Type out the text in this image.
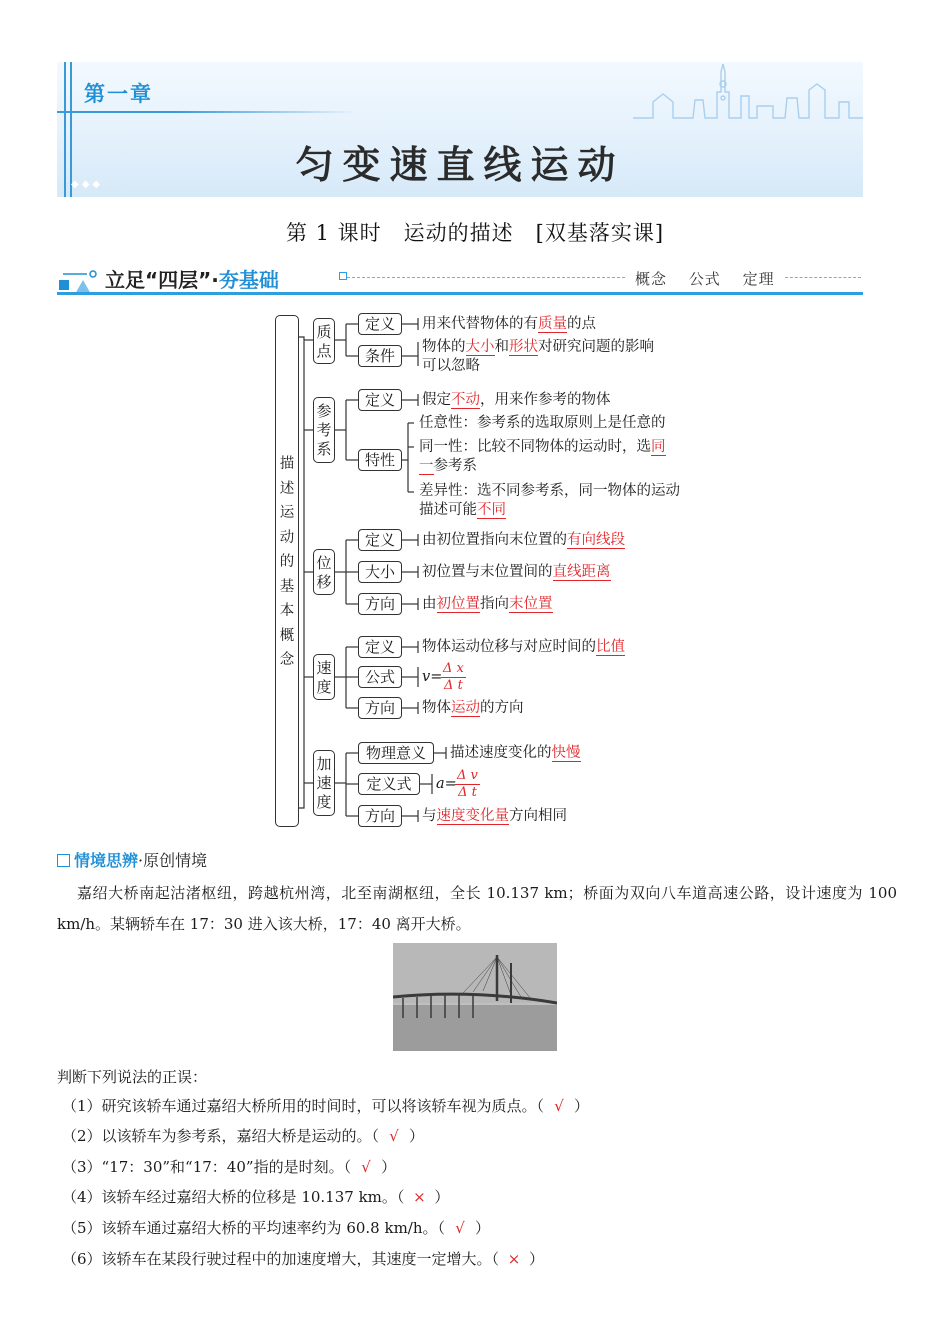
◆◆◆
第一章
匀变速直线运动
第 1 课时　运动的描述　[双基落实课]
立足“四层”·夯基础	概念 公式 定理
描述运动的基本概念
质点
定义	用来代替物体的有质量的点
条件	物体的大小和形状对研究问题的影响
可以忽略
参考系
定义	假定不动，用来作参考的物体
特性
任意性：参考系的选取原则上是任意的
同一性：比较不同物体的运动时，选同
一参考系
差异性：选不同参考系，同一物体的运动
描述可能不同
位移
定义	由初位置指向末位置的有向线段
大小	初位置与末位置间的直线距离
方向	由初位置指向末位置
速度
定义	物体运动位移与对应时间的比值
公式	v=
$\frac{\text{Δ x}}{\text{Δ t}}$
方向	物体运动的方向
加速度
物理意义	描述速度变化的快慢
定义式	a=
$\frac{\text{Δ v}}{\text{Δ t}}$
方向	与速度变化量方向相同
情境思辨·原创情境
嘉绍大桥南起沽渚枢纽，跨越杭州湾，北至南湖枢纽，全长 10.137 km；桥面为双向八车道高速公路，设计速度为 100 km/h。某辆轿车在 17：30 进入该大桥，17：40 离开大桥。
判断下列说法的正误：
（1）研究该轿车通过嘉绍大桥所用的时间时，可以将该轿车视为质点。（ √ ）
（2）以该轿车为参考系，嘉绍大桥是运动的。（ √ ）
（3）“17：30”和“17：40”指的是时刻。（ √ ）
（4）该轿车经过嘉绍大桥的位移是 10.137 km。（ × ）
（5）该轿车通过嘉绍大桥的平均速率约为 60.8 km/h。（ √ ）
（6）该轿车在某段行驶过程中的加速度增大，其速度一定增大。（ × ）
